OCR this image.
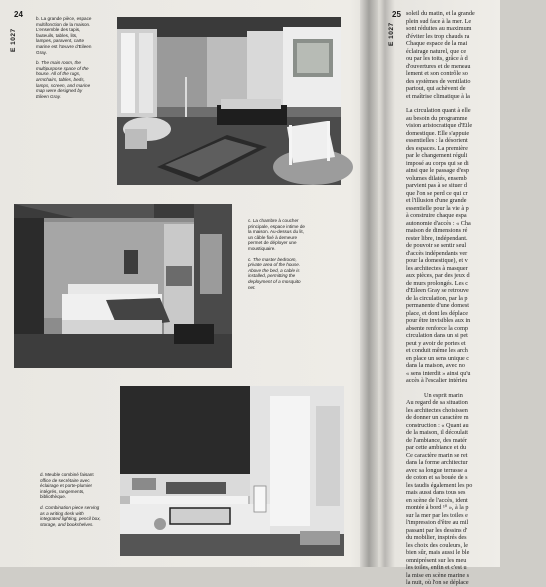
24
E 1027

b. La grande pièce, espace multifonction de la maison. L'ensemble des tapis, fauteuils, tables, lits, lampes, paravent, carte marine est l'œuvre d'Eileen Gray.

b. The main room, the multipurpose space of the house. All of the rugs, armchairs, tables, beds, lamps, screen, and marine map were designed by Eileen Gray.

c. La chambre à coucher principale, espace intime de la maison. Au-dessus du lit, un câble fixé à demeure permet de déployer une moustiquaire.

c. The master bedroom, private area of the house. Above the bed, a cable is installed, permitting the deployment of a mosquito net.

d. Meuble combiné faisant office de secrétaire avec éclairage et porte-plumier intégrés, rangements, bibliothèque.

d. Combination piece serving as a writing desk with integrated lighting, pencil box, storage, and bookshelves.

25
E 1027

soleil du matin, et la grande

plein sud face à la mer. Le

sont réduites au maximum

d'éviter les trop chauds ra

Chaque espace de la mai

éclairage naturel, que ce

ou par les toits, grâce à d

d'ouvertures et de meneau

lement et son contrôle so

des systèmes de ventilatio

partout, qui achèvent de

et maîtrise climatique à la

La circulation quant à elle

au besoin du programme

vision aristocratique d'Eile

domestique. Elle s'appuie

essentielles : la désorient

des espaces. La première

par le changement réguli

imposé au corps qui se di

ainsi que le passage d'esp

volumes dilatés, ensemb

parvient pas à se situer d

que l'on se perd ce qui cr

et l'illusion d'une grande

essentielle pour la vie à p

à construire chaque espa

autonomie d'accès : « Cha

maison de dimensions ré

rester libre, indépendant.

de pouvoir se sentir seul

d'accès indépendants ver

pour la domestique), et v

les architectes à masquer

aux pièces, par des jeux d

de murs prolongés. Les c

d'Eileen Gray se retrouve

de la circulation, par la p

permanente d'une domest

place, et dont les déplace

pour être invisibles aux in

absente renforce la comp

circulation dans un si pet

peut y avoir de portes et

et conduit même les arch

en place un sens unique c

dans la maison, avec no

« sens interdit » ainsi qu'u

accès à l'escalier intérieu

Un esprit marin

Au regard de sa situation

les architectes choisissen

de donner un caractère m

construction : « Quant au

de la maison, il découlait

de l'ambiance, des matér

par cette ambiance et du

Ce caractère marin se ret

dans la forme architectur

avec sa longue terrasse a

de coton et sa bouée de s

les taudis également les po

mais aussi dans tous ses

en scène de l'accès, ident

montée à bord ¹⁰ », à la p

sur la mer par les toiles e

l'impression d'être au mil

passant par les dessins d'

du mobilier, inspirés des

les choix des couleurs, le

bien sûr, mais aussi le ble

omniprésent sur les meu

les toiles, enfin et c'est u

la mise en scène marine s

la nuit, où l'on se déplace
